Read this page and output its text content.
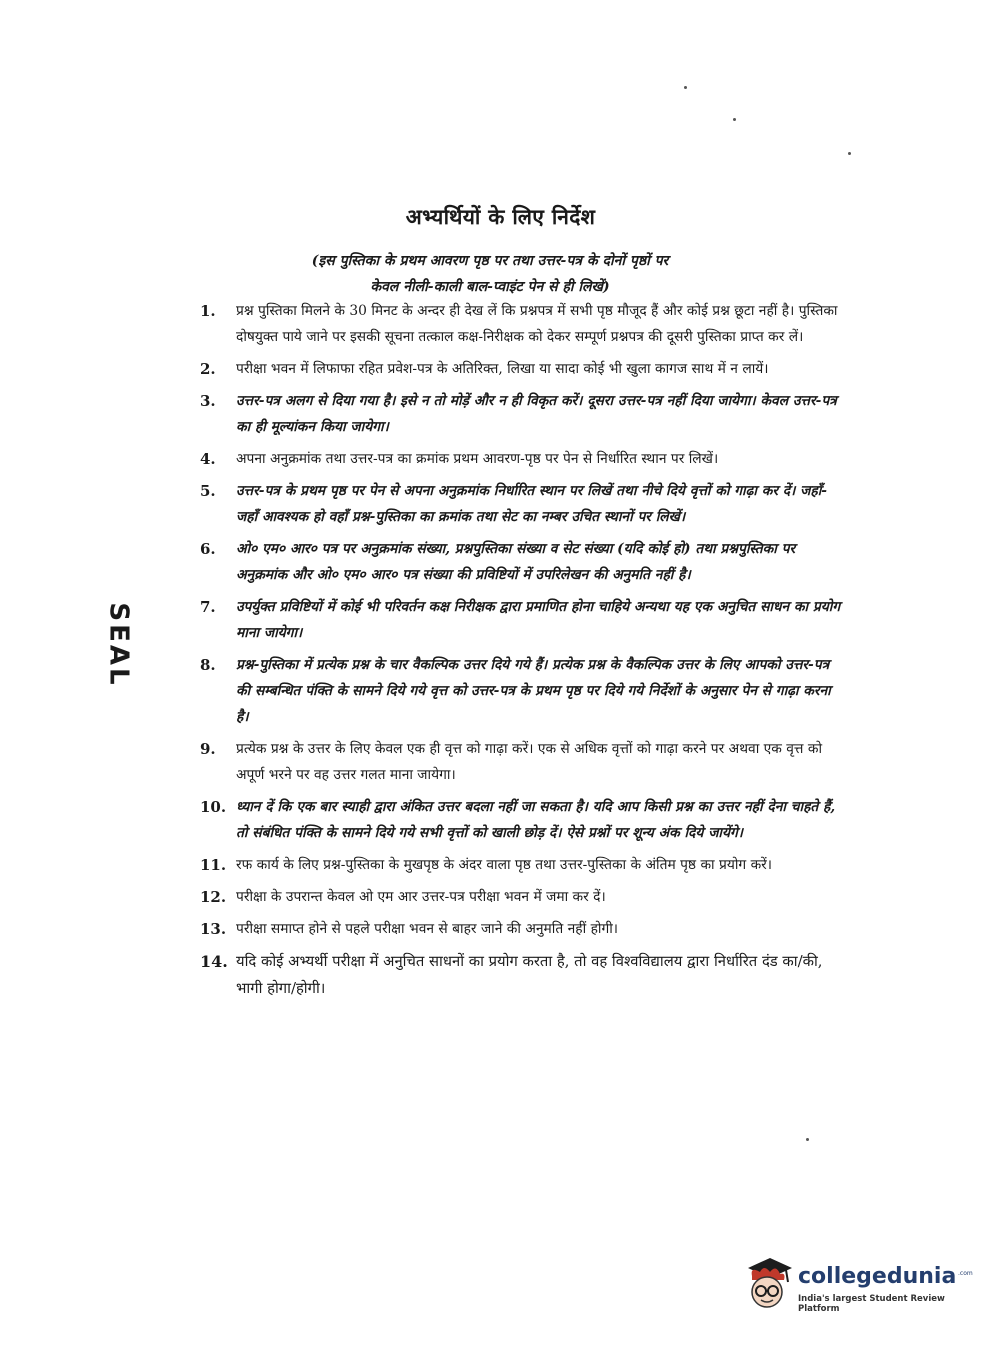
अभ्यर्थियों के लिए निर्देश
(इस पुस्तिका के प्रथम आवरण पृष्ठ पर तथा उत्तर-पत्र के दोनों पृष्ठों पर
केवल नीली-काली बाल-प्वाइंट पेन से ही लिखें)
SEAL
1. प्रश्न पुस्तिका मिलने के 30 मिनट के अन्दर ही देख लें कि प्रश्नपत्र में सभी पृष्ठ मौजूद हैं और कोई प्रश्न छूटा नहीं है। पुस्तिका दोषयुक्त पाये जाने पर इसकी सूचना तत्काल कक्ष-निरीक्षक को देकर सम्पूर्ण प्रश्नपत्र की दूसरी पुस्तिका प्राप्त कर लें।
2. परीक्षा भवन में लिफाफा रहित प्रवेश-पत्र के अतिरिक्त, लिखा या सादा कोई भी खुला कागज साथ में न लायें।
3. उत्तर-पत्र अलग से दिया गया है। इसे न तो मोड़ें और न ही विकृत करें। दूसरा उत्तर-पत्र नहीं दिया जायेगा। केवल उत्तर-पत्र का ही मूल्यांकन किया जायेगा।
4. अपना अनुक्रमांक तथा उत्तर-पत्र का क्रमांक प्रथम आवरण-पृष्ठ पर पेन से निर्धारित स्थान पर लिखें।
5. उत्तर-पत्र के प्रथम पृष्ठ पर पेन से अपना अनुक्रमांक निर्धारित स्थान पर लिखें तथा नीचे दिये वृत्तों को गाढ़ा कर दें। जहाँ-जहाँ आवश्यक हो वहाँ प्रश्न-पुस्तिका का क्रमांक तथा सेट का नम्बर उचित स्थानों पर लिखें।
6. ओ० एम० आर० पत्र पर अनुक्रमांक संख्या, प्रश्नपुस्तिका संख्या व सेट संख्या (यदि कोई हो) तथा प्रश्नपुस्तिका पर अनुक्रमांक और ओ० एम० आर० पत्र संख्या की प्रविष्टियों में उपरिलेखन की अनुमति नहीं है।
7. उपर्युक्त प्रविष्टियों में कोई भी परिवर्तन कक्ष निरीक्षक द्वारा प्रमाणित होना चाहिये अन्यथा यह एक अनुचित साधन का प्रयोग माना जायेगा।
8. प्रश्न-पुस्तिका में प्रत्येक प्रश्न के चार वैकल्पिक उत्तर दिये गये हैं। प्रत्येक प्रश्न के वैकल्पिक उत्तर के लिए आपको उत्तर-पत्र की सम्बन्धित पंक्ति के सामने दिये गये वृत्त को उत्तर-पत्र के प्रथम पृष्ठ पर दिये गये निर्देशों के अनुसार पेन से गाढ़ा करना है।
9. प्रत्येक प्रश्न के उत्तर के लिए केवल एक ही वृत्त को गाढ़ा करें। एक से अधिक वृत्तों को गाढ़ा करने पर अथवा एक वृत्त को अपूर्ण भरने पर वह उत्तर गलत माना जायेगा।
10. ध्यान दें कि एक बार स्याही द्वारा अंकित उत्तर बदला नहीं जा सकता है। यदि आप किसी प्रश्न का उत्तर नहीं देना चाहते हैं, तो संबंधित पंक्ति के सामने दिये गये सभी वृत्तों को खाली छोड़ दें। ऐसे प्रश्नों पर शून्य अंक दिये जायेंगे।
11. रफ कार्य के लिए प्रश्न-पुस्तिका के मुखपृष्ठ के अंदर वाला पृष्ठ तथा उत्तर-पुस्तिका के अंतिम पृष्ठ का प्रयोग करें।
12. परीक्षा के उपरान्त केवल ओ एम आर उत्तर-पत्र परीक्षा भवन में जमा कर दें।
13. परीक्षा समाप्त होने से पहले परीक्षा भवन से बाहर जाने की अनुमति नहीं होगी।
14. यदि कोई अभ्यर्थी परीक्षा में अनुचित साधनों का प्रयोग करता है, तो वह विश्वविद्यालय द्वारा निर्धारित दंड का/की, भागी होगा/होगी।
collegedunia .com
India's largest Student Review Platform
